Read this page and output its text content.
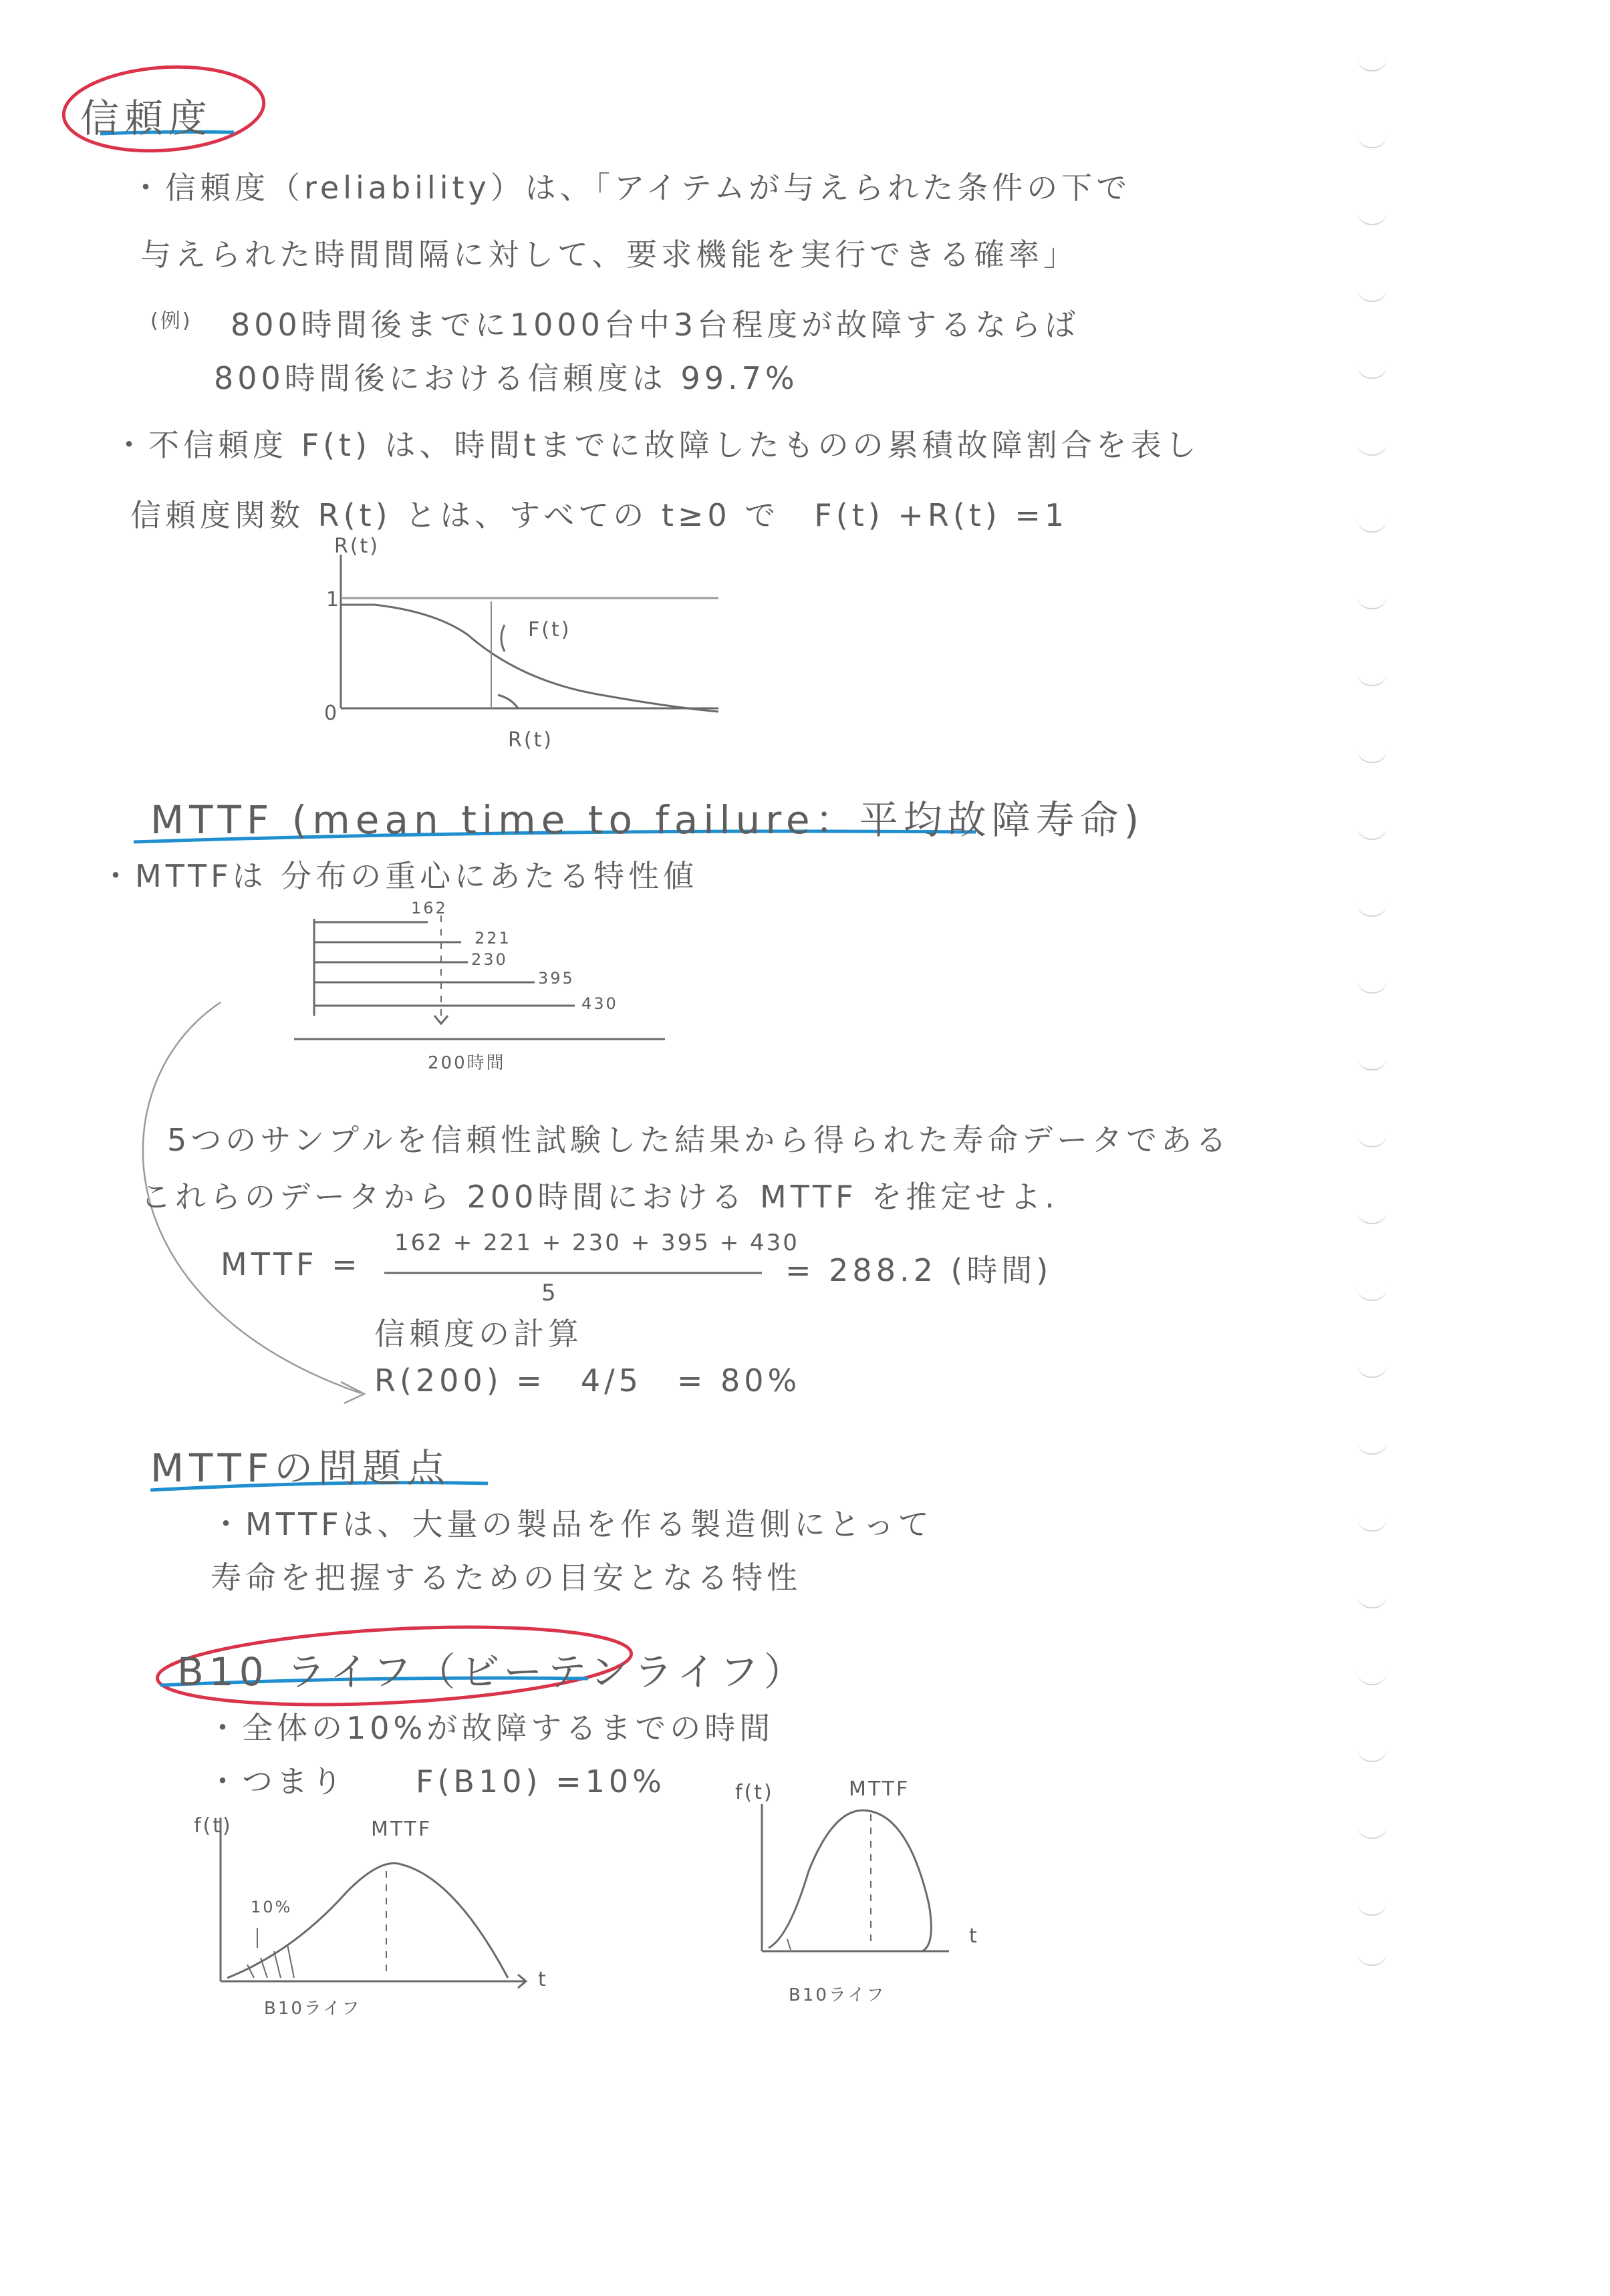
信頼度
・信頼度（reliability）は、「アイテムが与えられた条件の下で
与えられた時間間隔に対して、要求機能を実行できる確率」
(例) 800時間後までに1000台中3台程度が故障するならば
800時間後における信頼度は 99.7%
・不信頼度 F(t) は、時間tまでに故障したものの累積故障割合を表し
信頼度関数 R(t) とは、すべての t≥0 で　F(t) +R(t) =1
R(t)
1
0
F(t)
R(t)
MTTF (mean time to failure：平均故障寿命)
・MTTFは 分布の重心にあたる特性値
162
221
230
395
430
200時間
5つのサンプルを信頼性試験した結果から得られた寿命データである
これらのデータから 200時間における MTTF を推定せよ.
MTTF =
162 + 221 + 230 + 395 + 430
5
= 288.2 (時間)
信頼度の計算
R(200) =　4/5　= 80%
MTTFの問題点
・MTTFは、大量の製品を作る製造側にとって
寿命を把握するための目安となる特性
B10 ライフ（ビーテンライフ）
・全体の10%が故障するまでの時間
・つまり　　F(B10) =10%
f(t)	MTTF
10%
t
B10ライフ
f(t)	MTTF
t
B10ライフ
